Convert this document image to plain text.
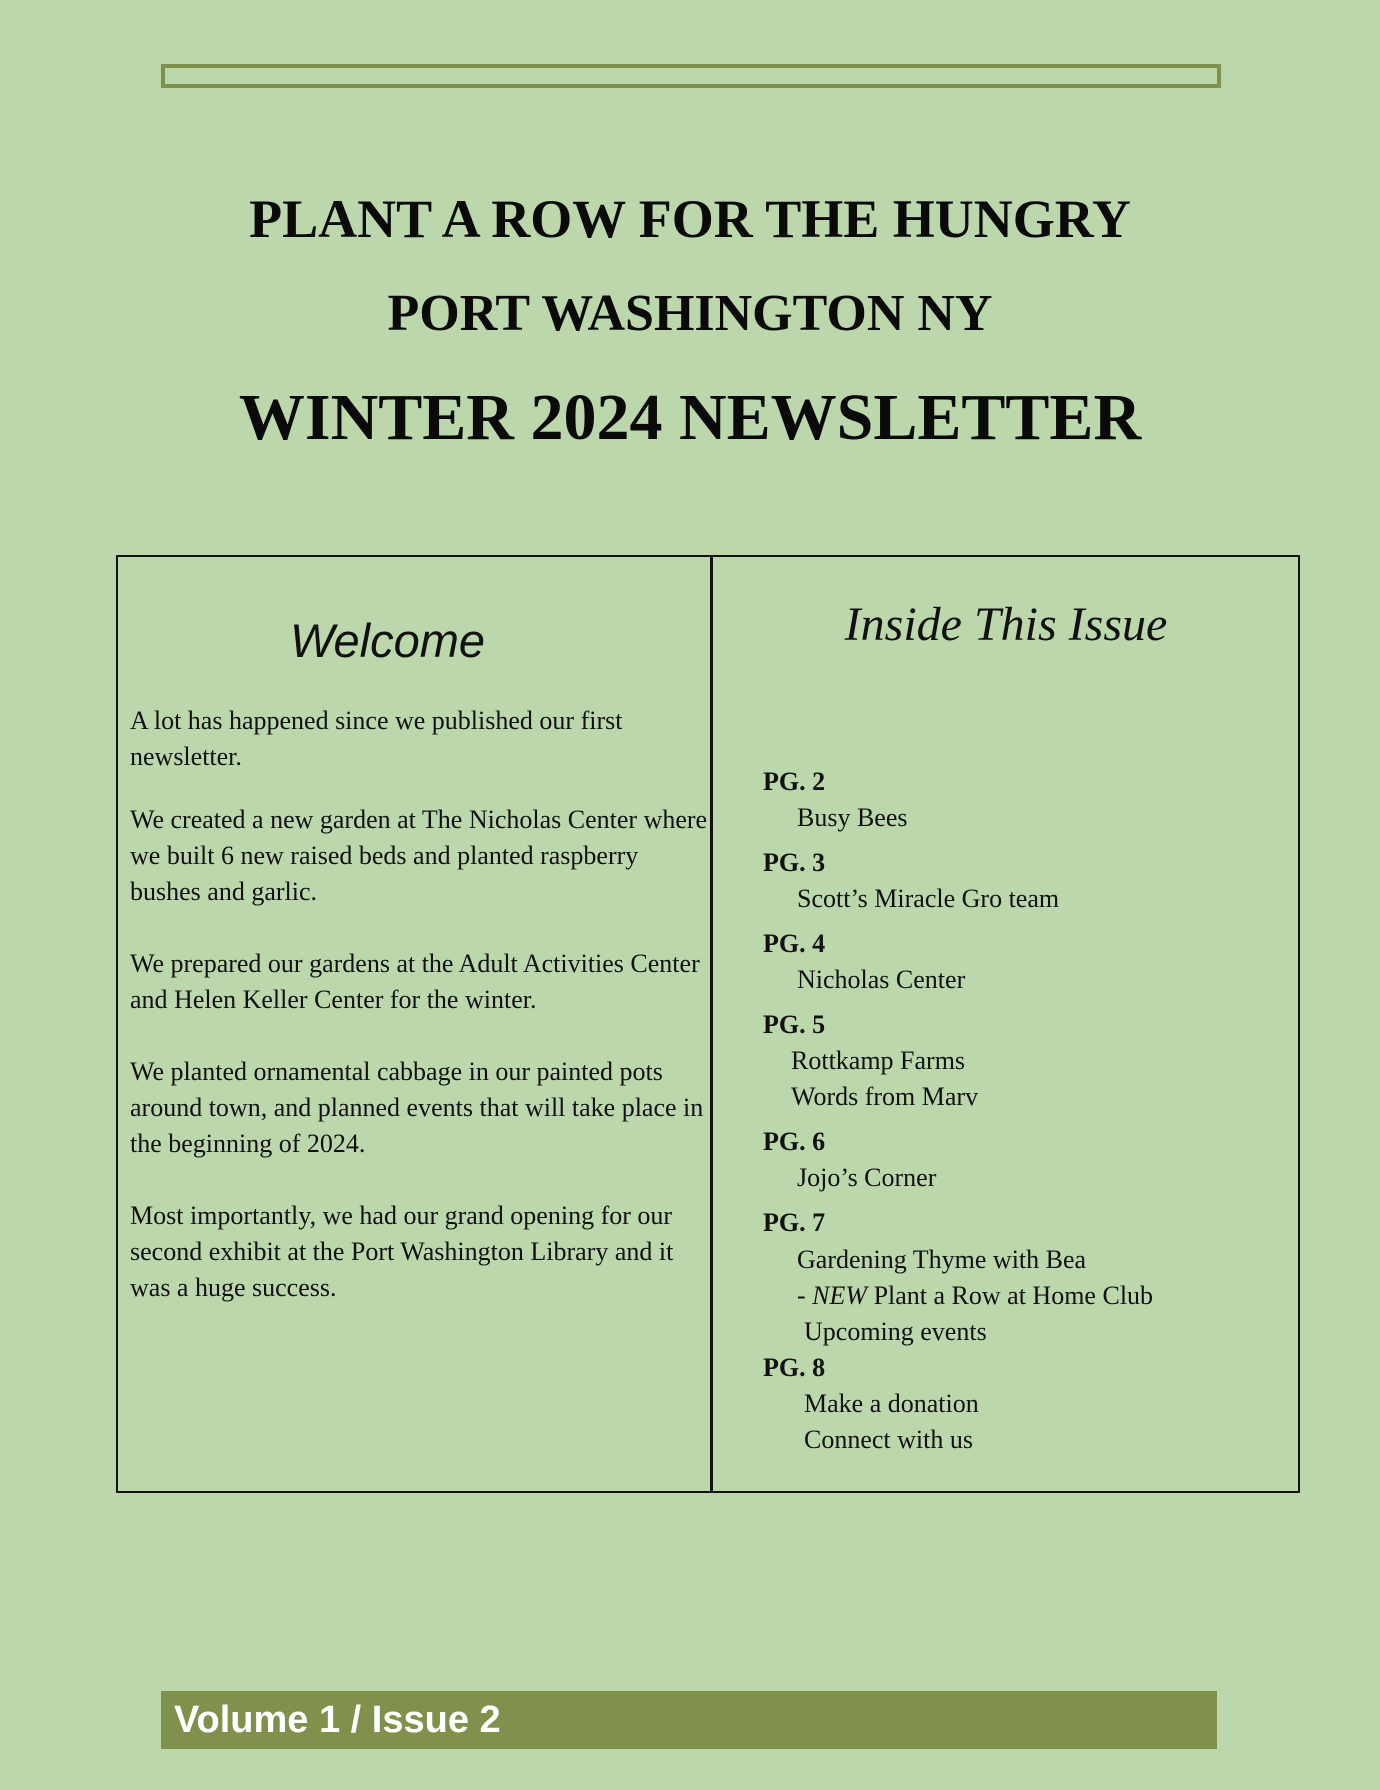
PLANT A ROW FOR THE HUNGRY
PORT WASHINGTON NY
WINTER 2024 NEWSLETTER
Welcome

A lot has happened since we published our first newsletter.

We created a new garden at The Nicholas Center where we built 6 new raised beds and planted raspberry bushes and garlic.

We prepared our gardens at the Adult Activities Center and Helen Keller Center for the winter.

We planted ornamental cabbage in our painted pots around town, and planned events that will take place in the beginning of 2024.

Most importantly, we had our grand opening for our second exhibit at the Port Washington Library and it was a huge success.

Inside This Issue

PG. 2

Busy Bees

PG. 3

Scott’s Miracle Gro team

PG. 4

Nicholas Center

PG. 5

Rottkamp Farms

Words from Marv

PG. 6

Jojo’s Corner

PG. 7

Gardening Thyme with Bea

- NEW Plant a Row at Home Club

Upcoming events

PG. 8

Make a donation

Connect with us

Volume 1 / Issue 2
